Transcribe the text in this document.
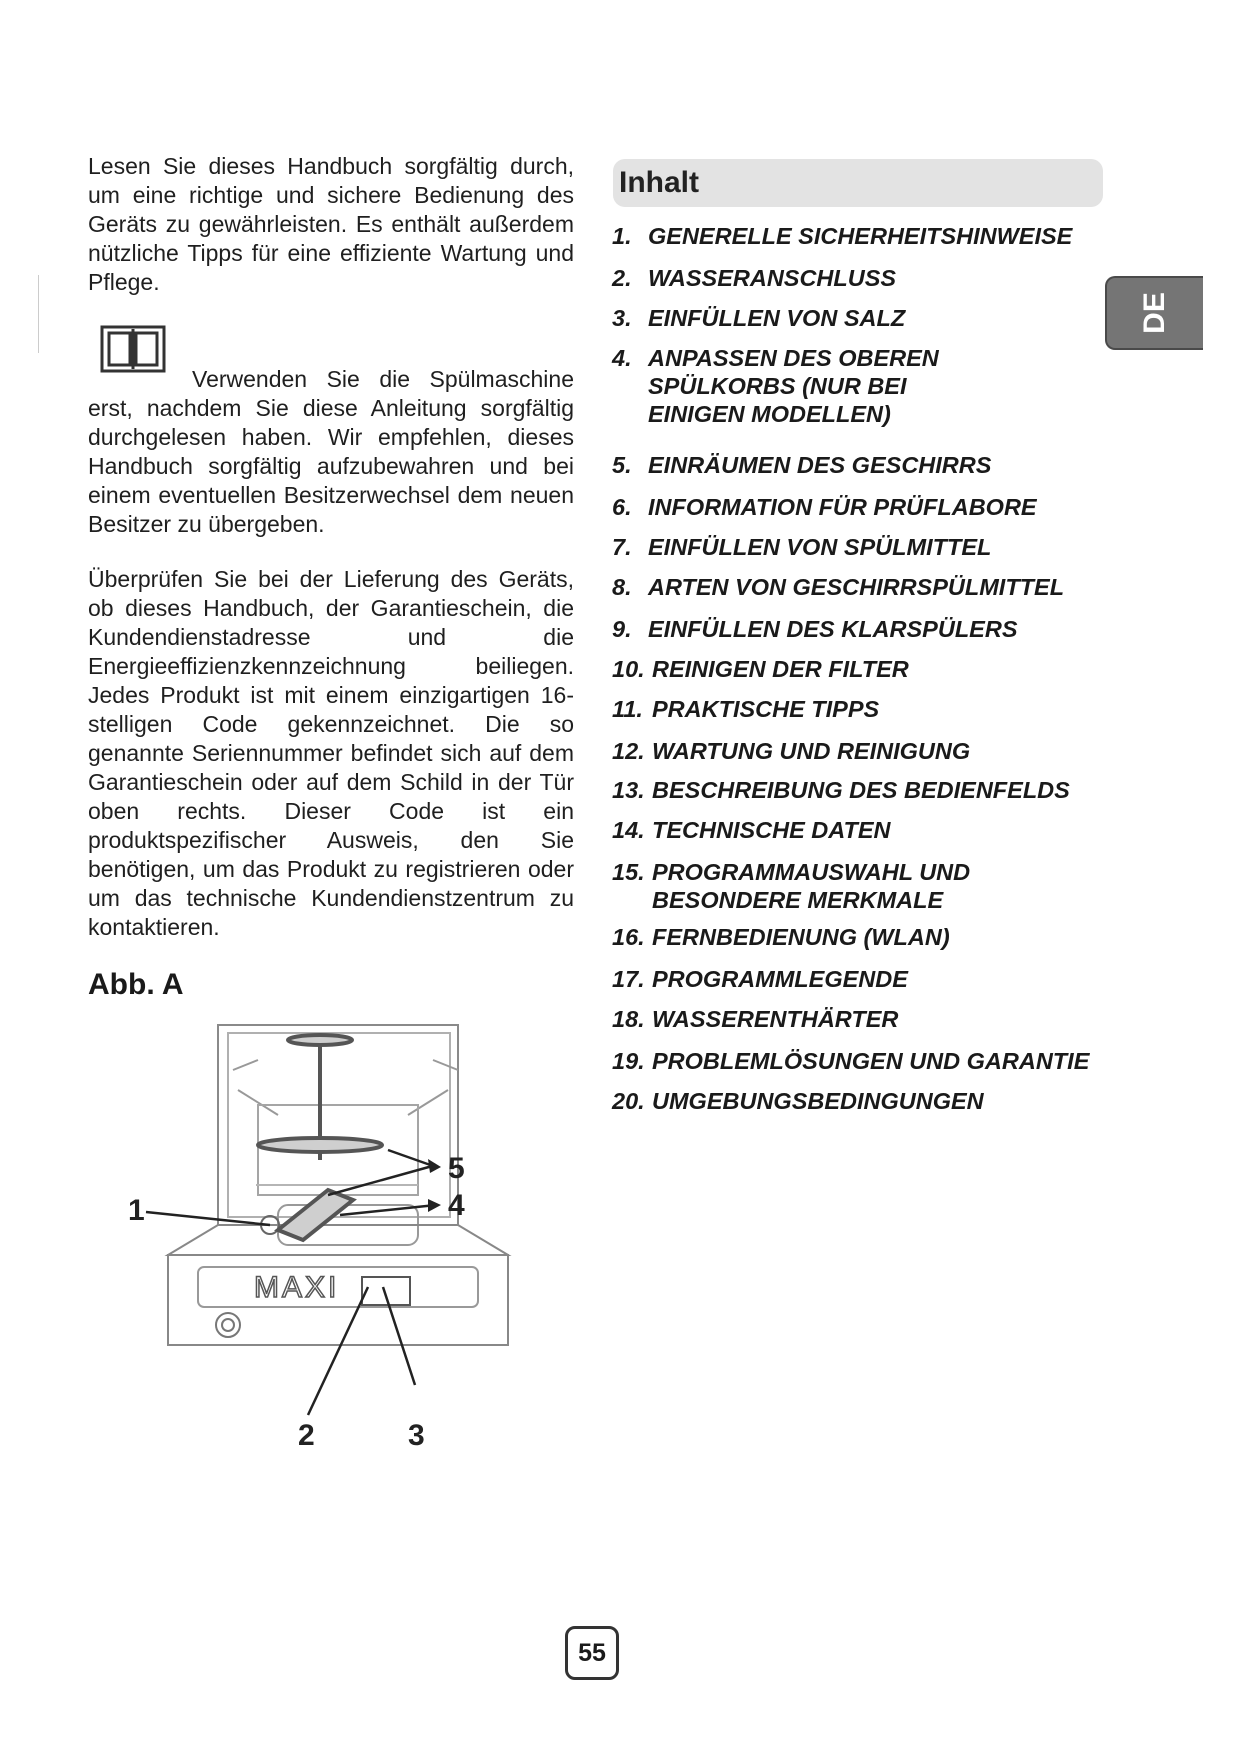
Lesen Sie dieses Handbuch sorgfältig durch, um eine richtige und sichere Bedienung des Geräts zu gewährleisten. Es enthält außerdem nützliche Tipps für eine effiziente Wartung und Pflege.

Verwenden Sie die Spülmaschine erst, nachdem Sie diese Anleitung sorgfältig durchgelesen haben. Wir empfehlen, dieses Handbuch sorgfältig aufzubewahren und bei einem eventuellen Besitzerwechsel dem neuen Besitzer zu übergeben.

Überprüfen Sie bei der Lieferung des Geräts, ob dieses Handbuch, der Garantieschein, die Kundendienstadresse und die Energieeffizienzkennzeichnung beiliegen. Jedes Produkt ist mit einem einzigartigen 16-stelligen Code gekennzeichnet. Die so genannte Seriennummer befindet sich auf dem Garantieschein oder auf dem Schild in der Tür oben rechts. Dieser Code ist ein produktspezifischer Ausweis, den Sie benötigen, um das Produkt zu registrieren oder um das technische Kundendienstzentrum zu kontaktieren.

Abb. A
MAXI
1
2	3
4
5
Inhalt
1. GENERELLE SICHERHEITSHINWEISE
2. WASSERANSCHLUSS
3. EINFÜLLEN VON SALZ
4. ANPASSEN DES OBEREN SPÜLKORBS (NUR BEI EINIGEN MODELLEN)
5. EINRÄUMEN DES GESCHIRRS
6. INFORMATION FÜR PRÜFLABORE
7. EINFÜLLEN VON SPÜLMITTEL
8. ARTEN VON GESCHIRRSPÜLMITTEL
9. EINFÜLLEN DES KLARSPÜLERS
10. REINIGEN DER FILTER
11. PRAKTISCHE TIPPS
12. WARTUNG UND REINIGUNG
13. BESCHREIBUNG DES BEDIENFELDS
14. TECHNISCHE DATEN
15. PROGRAMMAUSWAHL UND BESONDERE MERKMALE
16. FERNBEDIENUNG (WLAN)
17. PROGRAMMLEGENDE
18. WASSERENTHÄRTER
19. PROBLEMLÖSUNGEN UND GARANTIE
20. UMGEBUNGSBEDINGUNGEN
DE
55
